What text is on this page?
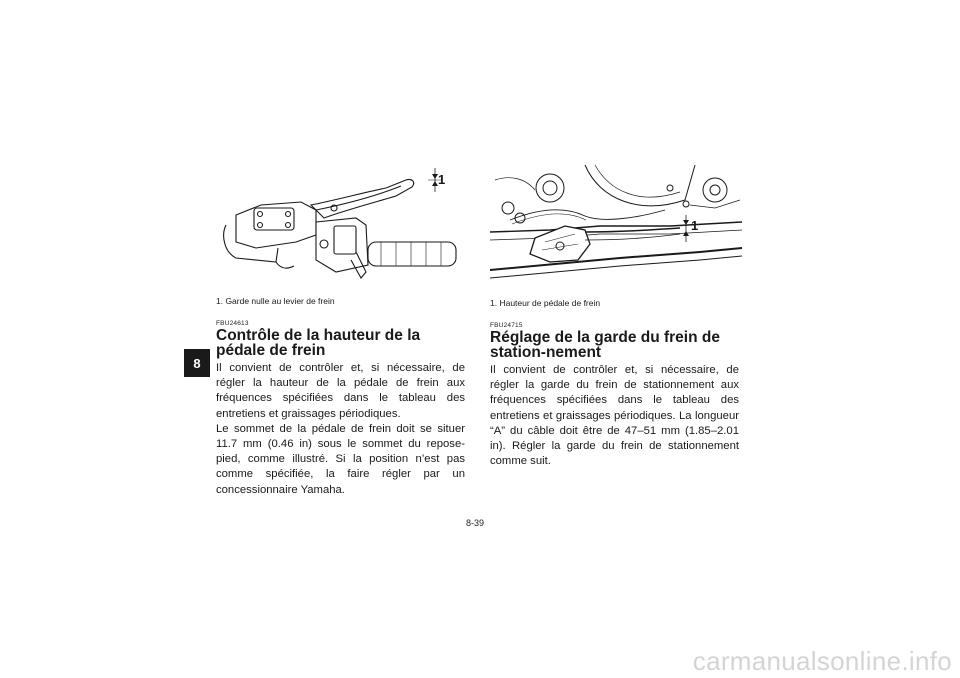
8
1
1. Garde nulle au levier de frein
1
1. Hauteur de pédale de frein
FBU24613
Contrôle de la hauteur de la pédale de frein

Il convient de contrôler et, si nécessaire, de régler la hauteur de la pédale de frein aux fréquences spécifiées dans le tableau des entretiens et graissages périodiques.

Le sommet de la pédale de frein doit se situer 11.7 mm (0.46 in) sous le sommet du repose-pied, comme illustré. Si la position n’est pas comme spécifiée, la faire régler par un concessionnaire Yamaha.

FBU24715
Réglage de la garde du frein de station-nement

Il convient de contrôler et, si nécessaire, de régler la garde du frein de stationnement aux fréquences spécifiées dans le tableau des entretiens et graissages périodiques. La longueur “A” du câble doit être de 47–51 mm (1.85–2.01 in). Régler la garde du frein de stationnement comme suit.

8-39
carmanualsonline.info
